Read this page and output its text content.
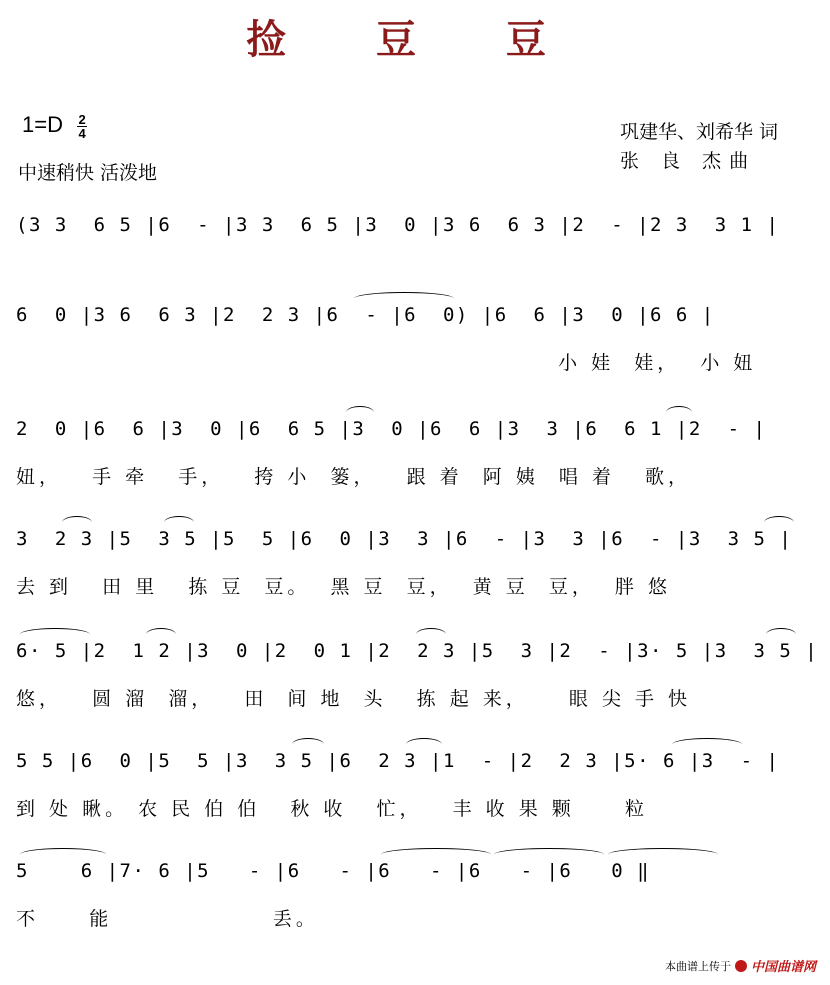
捡 豆 豆
$1=D \frac{2}{4}$
中速稍快 活泼地
巩建华、刘希华 词
张 良 杰曲
(3 3  6 5 |6  - |3 3  6 5 |3  0 |3 6  6 3 |2  - |2 3  3 1 |
6  0 |3 6  6 3 |2  2 3 |6  - |6  0) |6  6 |3  0 |6 6 |
小 娃  娃，  小 妞
2  0 |6  6 |3  0 |6  6 5 |3  0 |6  6 |3  3 |6  6 1 |2  - |
妞，   手 牵   手，   挎 小  篓，   跟 着  阿 姨  唱 着   歌，
3  2 3 |5  3 5 |5  5 |6  0 |3  3 |6  - |3  3 |6  - |3  3 5 |
去 到   田 里   拣 豆  豆。  黑 豆  豆，  黄 豆  豆，  胖 悠
6· 5 |2  1 2 |3  0 |2  0 1 |2  2 3 |5  3 |2  - |3· 5 |3  3 5 |
悠，   圆 溜  溜，   田  间 地  头   拣 起 来，    眼 尖 手 快
5 5 |6  0 |5  5 |3  3 5 |6  2 3 |1  - |2  2 3 |5· 6 |3  - |
到 处 瞅。 农 民 伯 伯   秋 收   忙，   丰 收 果 颗     粒
5    6 |7· 6 |5   - |6   - |6   - |6   - |6   0 ‖
不     能                丢。
本曲谱上传于 中国曲谱网
